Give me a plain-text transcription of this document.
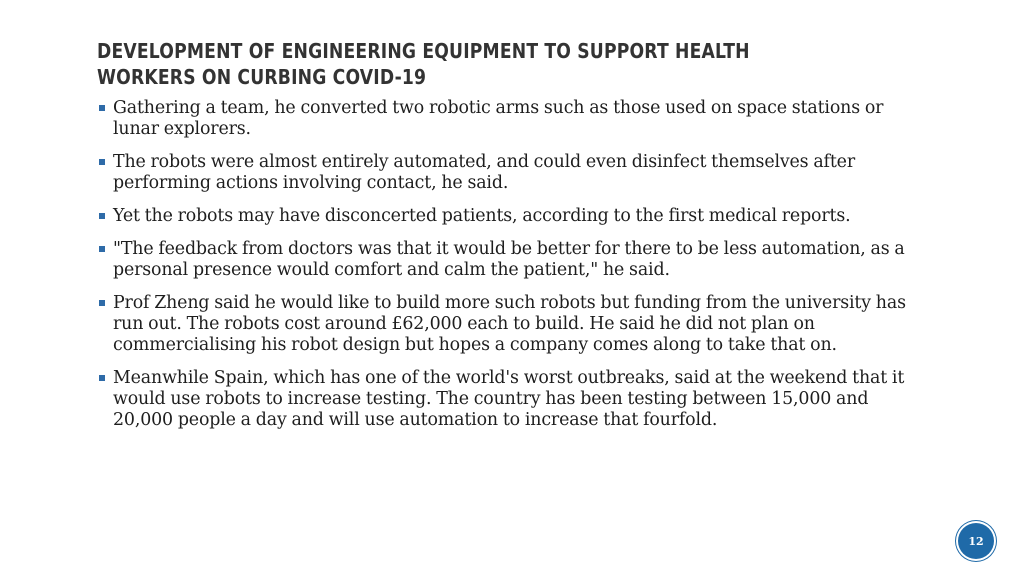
DEVELOPMENT OF ENGINEERING EQUIPMENT TO SUPPORT HEALTH WORKERS ON CURBING COVID-19
Gathering a team, he converted two robotic arms such as those used on space stations or lunar explorers.
The robots were almost entirely automated, and could even disinfect themselves after performing actions involving contact, he said.
Yet the robots may have disconcerted patients, according to the first medical reports.
"The feedback from doctors was that it would be better for there to be less automation, as a personal presence would comfort and calm the patient," he said.
Prof Zheng said he would like to build more such robots but funding from the university has run out. The robots cost around £62,000 each to build. He said he did not plan on commercialising his robot design but hopes a company comes along to take that on.
Meanwhile Spain, which has one of the world's worst outbreaks, said at the weekend that it would use robots to increase testing. The country has been testing between 15,000 and 20,000 people a day and will use automation to increase that fourfold.
12
